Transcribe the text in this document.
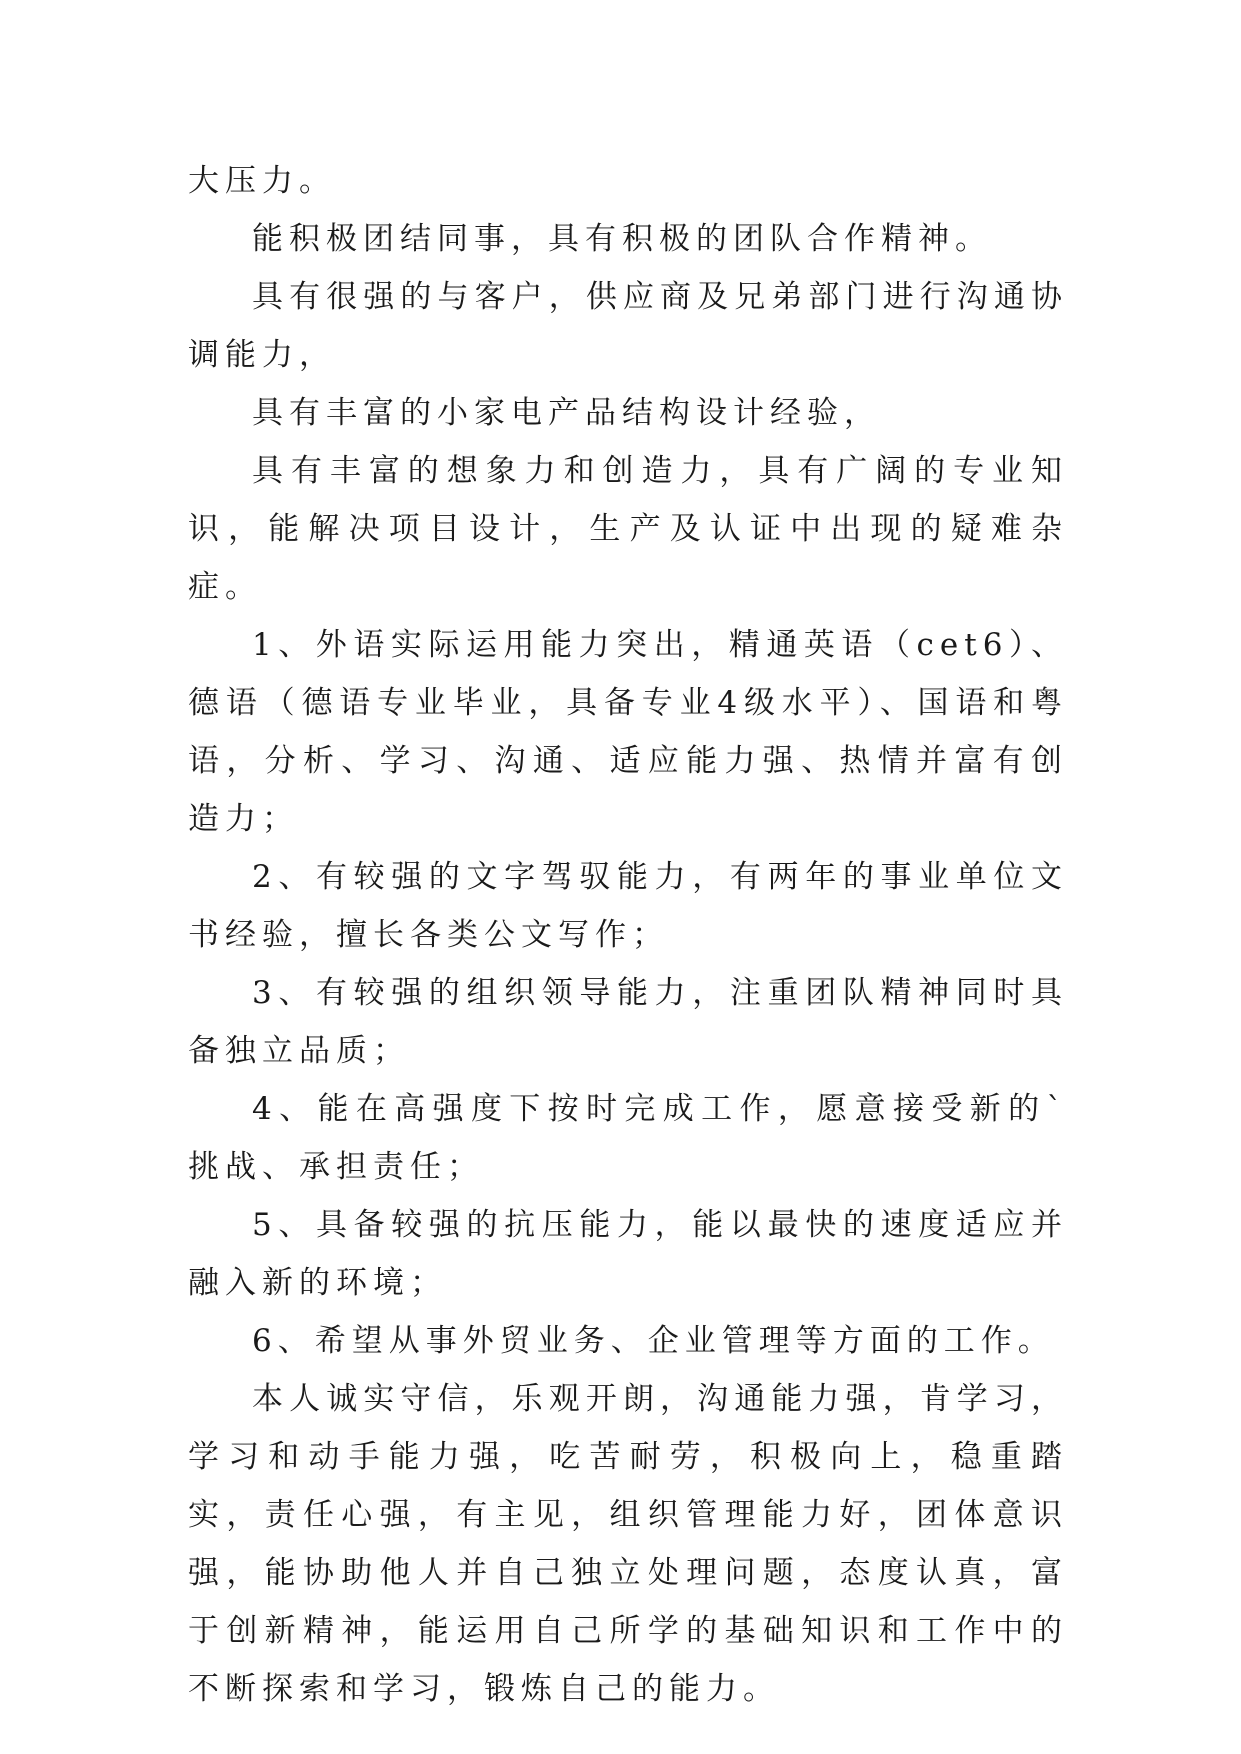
大压力。

能积极团结同事，具有积极的团队合作精神。

具有很强的与客户，供应商及兄弟部门进行沟通协调能力，

具有丰富的小家电产品结构设计经验，

具有丰富的想象力和创造力，具有广阔的专业知识，能解决项目设计，生产及认证中出现的疑难杂症。

1、外语实际运用能力突出，精通英语（cet6）、德语（德语专业毕业，具备专业4级水平）、国语和粤语，分析、学习、沟通、适应能力强、热情并富有创造力；

2、有较强的文字驾驭能力，有两年的事业单位文书经验，擅长各类公文写作；

3、有较强的组织领导能力，注重团队精神同时具备独立品质；

4、能在高强度下按时完成工作，愿意接受新的`挑战、承担责任；

5、具备较强的抗压能力，能以最快的速度适应并融入新的环境；

6、希望从事外贸业务、企业管理等方面的工作。

本人诚实守信，乐观开朗，沟通能力强，肯学习，学习和动手能力强，吃苦耐劳，积极向上，稳重踏实，责任心强，有主见，组织管理能力好，团体意识强，能协助他人并自己独立处理问题，态度认真，富于创新精神，能运用自己所学的基础知识和工作中的不断探索和学习，锻炼自己的能力。
